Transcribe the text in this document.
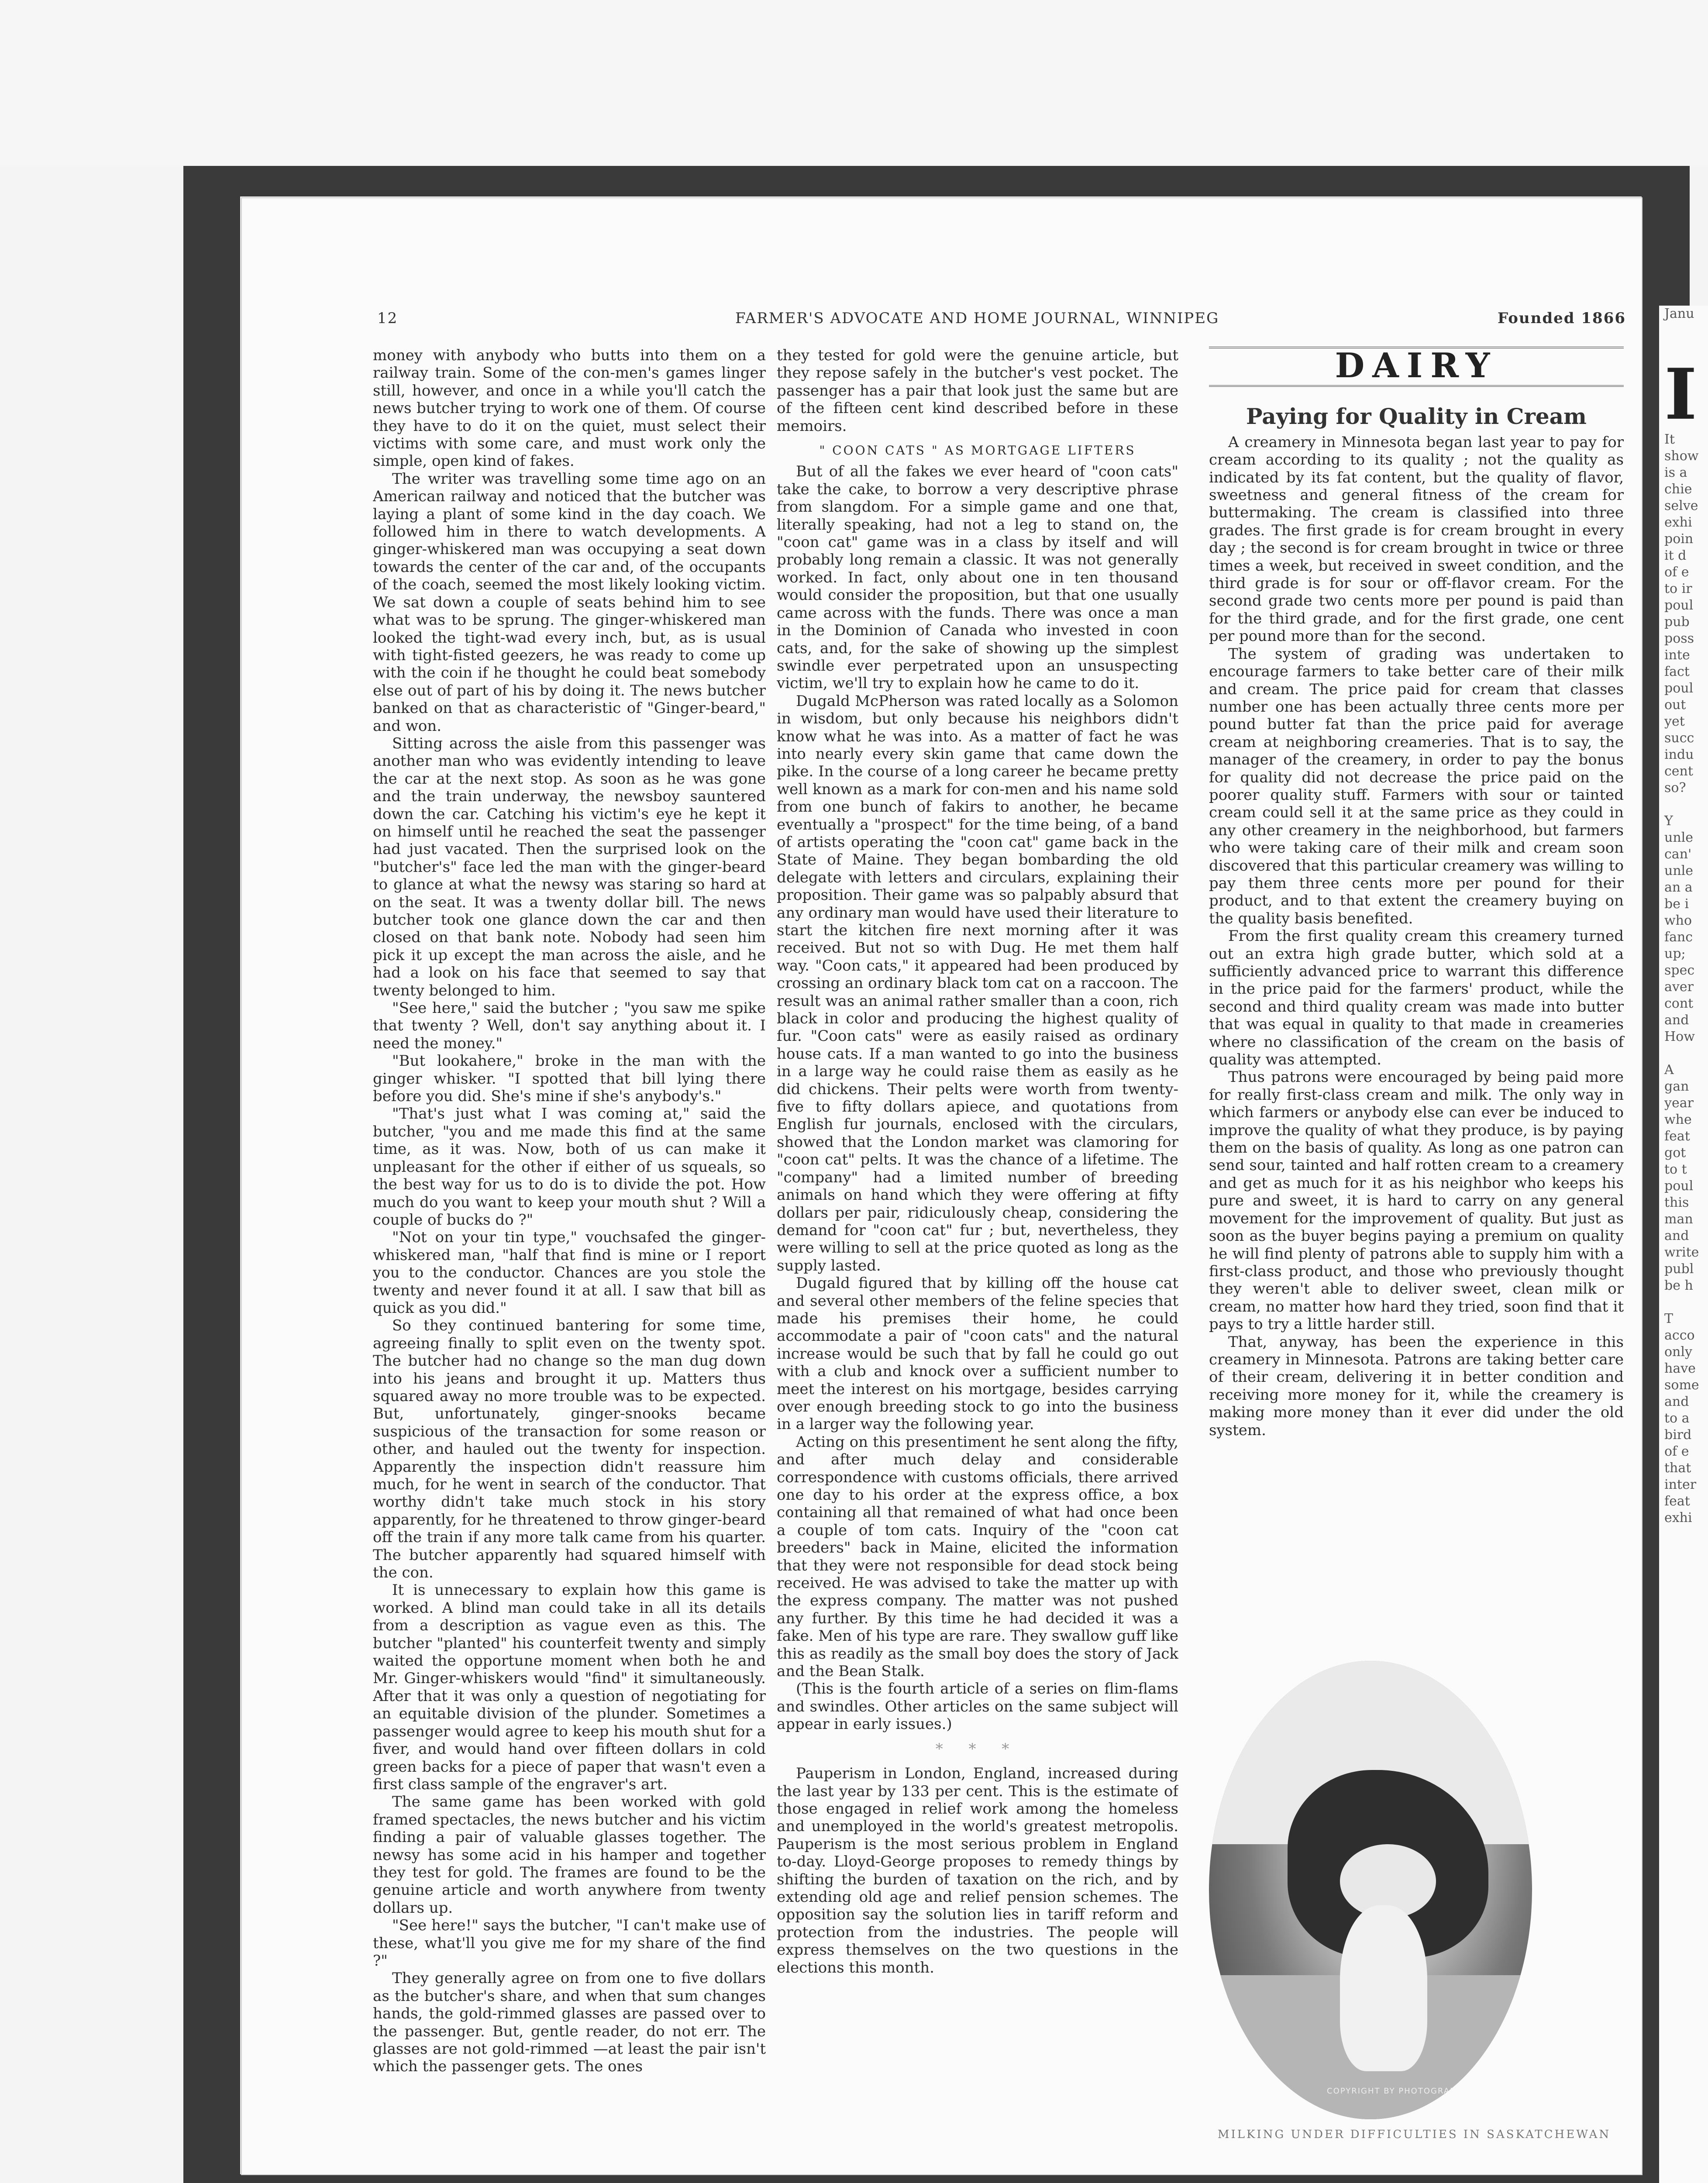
Janu
I
It
show
is a
chie
selve
exhi
poin
it d
of e
to ir
poul
pub
poss
inte
fact
poul
out
yet
succ
indu
cent
so?

Y
unle
can'
unle
an a
be i
who
fanc
up;
spec
aver
cont
and
How

A
gan
year
whe
feat
got
to t
poul
this
man
and
write
publ
be h

T
acco
only
have
some
and
to a
bird
of e
that
inter
feat
exhi
12	FARMER'S ADVOCATE AND HOME JOURNAL, WINNIPEG	Founded 1866

money with anybody who butts into them on a railway train. Some of the con-men's games linger still, however, and once in a while you'll catch the news butcher trying to work one of them. Of course they have to do it on the quiet, must select their victims with some care, and must work only the simple, open kind of fakes.

The writer was travelling some time ago on an American railway and noticed that the butcher was laying a plant of some kind in the day coach. We followed him in there to watch developments. A ginger-whiskered man was occupying a seat down towards the center of the car and, of the occupants of the coach, seemed the most likely looking victim. We sat down a couple of seats behind him to see what was to be sprung. The ginger-whiskered man looked the tight-wad every inch, but, as is usual with tight-fisted geezers, he was ready to come up with the coin if he thought he could beat somebody else out of part of his by doing it. The news butcher banked on that as characteristic of "Ginger-beard," and won.

Sitting across the aisle from this passenger was another man who was evidently intending to leave the car at the next stop. As soon as he was gone and the train underway, the newsboy sauntered down the car. Catching his victim's eye he kept it on himself until he reached the seat the passenger had just vacated. Then the surprised look on the "butcher's" face led the man with the ginger-beard to glance at what the newsy was staring so hard at on the seat. It was a twenty dollar bill. The news butcher took one glance down the car and then closed on that bank note. Nobody had seen him pick it up except the man across the aisle, and he had a look on his face that seemed to say that twenty belonged to him.

"See here," said the butcher ; "you saw me spike that twenty ? Well, don't say anything about it. I need the money."

"But lookahere," broke in the man with the ginger whisker. "I spotted that bill lying there before you did. She's mine if she's anybody's."

"That's just what I was coming at," said the butcher, "you and me made this find at the same time, as it was. Now, both of us can make it unpleasant for the other if either of us squeals, so the best way for us to do is to divide the pot. How much do you want to keep your mouth shut ? Will a couple of bucks do ?"

"Not on your tin type," vouchsafed the ginger-whiskered man, "half that find is mine or I report you to the conductor. Chances are you stole the twenty and never found it at all. I saw that bill as quick as you did."

So they continued bantering for some time, agreeing finally to split even on the twenty spot. The butcher had no change so the man dug down into his jeans and brought it up. Matters thus squared away no more trouble was to be expected. But, unfortunately, ginger-snooks became suspicious of the transaction for some reason or other, and hauled out the twenty for inspection. Apparently the inspection didn't reassure him much, for he went in search of the conductor. That worthy didn't take much stock in his story apparently, for he threatened to throw ginger-beard off the train if any more talk came from his quarter. The butcher apparently had squared himself with the con.

It is unnecessary to explain how this game is worked. A blind man could take in all its details from a description as vague even as this. The butcher "planted" his counterfeit twenty and simply waited the opportune moment when both he and Mr. Ginger-whiskers would "find" it simultaneously. After that it was only a question of negotiating for an equitable division of the plunder. Sometimes a passenger would agree to keep his mouth shut for a fiver, and would hand over fifteen dollars in cold green backs for a piece of paper that wasn't even a first class sample of the engraver's art.

The same game has been worked with gold framed spectacles, the news butcher and his victim finding a pair of valuable glasses together. The newsy has some acid in his hamper and together they test for gold. The frames are found to be the genuine article and worth anywhere from twenty dollars up.

"See here!" says the butcher, "I can't make use of these, what'll you give me for my share of the find ?"

They generally agree on from one to five dollars as the butcher's share, and when that sum changes hands, the gold-rimmed glasses are passed over to the passenger. But, gentle reader, do not err. The glasses are not gold-rimmed —at least the pair isn't which the passenger gets. The ones

they tested for gold were the genuine article, but they repose safely in the butcher's vest pocket. The passenger has a pair that look just the same but are of the fifteen cent kind described before in these memoirs.

" COON CATS " AS MORTGAGE LIFTERS

But of all the fakes we ever heard of "coon cats" take the cake, to borrow a very descriptive phrase from slangdom. For a simple game and one that, literally speaking, had not a leg to stand on, the "coon cat" game was in a class by itself and will probably long remain a classic. It was not generally worked. In fact, only about one in ten thousand would consider the proposition, but that one usually came across with the funds. There was once a man in the Dominion of Canada who invested in coon cats, and, for the sake of showing up the simplest swindle ever perpetrated upon an unsuspecting victim, we'll try to explain how he came to do it.

Dugald McPherson was rated locally as a Solomon in wisdom, but only because his neighbors didn't know what he was into. As a matter of fact he was into nearly every skin game that came down the pike. In the course of a long career he became pretty well known as a mark for con-men and his name sold from one bunch of fakirs to another, he became eventually a "prospect" for the time being, of a band of artists operating the "coon cat" game back in the State of Maine. They began bombarding the old delegate with letters and circulars, explaining their proposition. Their game was so palpably absurd that any ordinary man would have used their literature to start the kitchen fire next morning after it was received. But not so with Dug. He met them half way. "Coon cats," it appeared had been produced by crossing an ordinary black tom cat on a raccoon. The result was an animal rather smaller than a coon, rich black in color and producing the highest quality of fur. "Coon cats" were as easily raised as ordinary house cats. If a man wanted to go into the business in a large way he could raise them as easily as he did chickens. Their pelts were worth from twenty-five to fifty dollars apiece, and quotations from English fur journals, enclosed with the circulars, showed that the London market was clamoring for "coon cat" pelts. It was the chance of a lifetime. The "company" had a limited number of breeding animals on hand which they were offering at fifty dollars per pair, ridiculously cheap, considering the demand for "coon cat" fur ; but, nevertheless, they were willing to sell at the price quoted as long as the supply lasted.

Dugald figured that by killing off the house cat and several other members of the feline species that made his premises their home, he could accommodate a pair of "coon cats" and the natural increase would be such that by fall he could go out with a club and knock over a sufficient number to meet the interest on his mortgage, besides carrying over enough breeding stock to go into the business in a larger way the following year.

Acting on this presentiment he sent along the fifty, and after much delay and considerable correspondence with customs officials, there arrived one day to his order at the express office, a box containing all that remained of what had once been a couple of tom cats. Inquiry of the "coon cat breeders" back in Maine, elicited the information that they were not responsible for dead stock being received. He was advised to take the matter up with the express company. The matter was not pushed any further. By this time he had decided it was a fake. Men of his type are rare. They swallow guff like this as readily as the small boy does the story of Jack and the Bean Stalk.

(This is the fourth article of a series on flim-flams and swindles. Other articles on the same subject will appear in early issues.)

* * *

Pauperism in London, England, increased during the last year by 133 per cent. This is the estimate of those engaged in relief work among the homeless and unemployed in the world's greatest metropolis. Pauperism is the most serious problem in England to-day. Lloyd-George proposes to remedy things by shifting the burden of taxation on the rich, and by extending old age and relief pension schemes. The opposition say the solution lies in tariff reform and protection from the industries. The people will express themselves on the two questions in the elections this month.

DAIRY
Paying for Quality in Cream

A creamery in Minnesota began last year to pay for cream according to its quality ; not the quality as indicated by its fat content, but the quality of flavor, sweetness and general fitness of the cream for buttermaking. The cream is classified into three grades. The first grade is for cream brought in every day ; the second is for cream brought in twice or three times a week, but received in sweet condition, and the third grade is for sour or off-flavor cream. For the second grade two cents more per pound is paid than for the third grade, and for the first grade, one cent per pound more than for the second.

The system of grading was undertaken to encourage farmers to take better care of their milk and cream. The price paid for cream that classes number one has been actually three cents more per pound butter fat than the price paid for average cream at neighboring creameries. That is to say, the manager of the creamery, in order to pay the bonus for quality did not decrease the price paid on the poorer quality stuff. Farmers with sour or tainted cream could sell it at the same price as they could in any other creamery in the neighborhood, but farmers who were taking care of their milk and cream soon discovered that this particular creamery was willing to pay them three cents more per pound for their product, and to that extent the creamery buying on the quality basis benefited.

From the first quality cream this creamery turned out an extra high grade butter, which sold at a sufficiently advanced price to warrant this difference in the price paid for the farmers' product, while the second and third quality cream was made into butter that was equal in quality to that made in creameries where no classification of the cream on the basis of quality was attempted.

Thus patrons were encouraged by being paid more for really first-class cream and milk. The only way in which farmers or anybody else can ever be induced to improve the quality of what they produce, is by paying them on the basis of quality. As long as one patron can send sour, tainted and half rotten cream to a creamery and get as much for it as his neighbor who keeps his pure and sweet, it is hard to carry on any general movement for the improvement of quality. But just as soon as the buyer begins paying a premium on quality he will find plenty of patrons able to supply him with a first-class product, and those who previously thought they weren't able to deliver sweet, clean milk or cream, no matter how hard they tried, soon find that it pays to try a little harder still.

That, anyway, has been the experience in this creamery in Minnesota. Patrons are taking better care of their cream, delivering it in better condition and receiving more money for it, while the creamery is making more money than it ever did under the old system.

COPYRIGHT BY PHOTOGRAPHER
MILKING UNDER DIFFICULTIES IN SASKATCHEWAN
